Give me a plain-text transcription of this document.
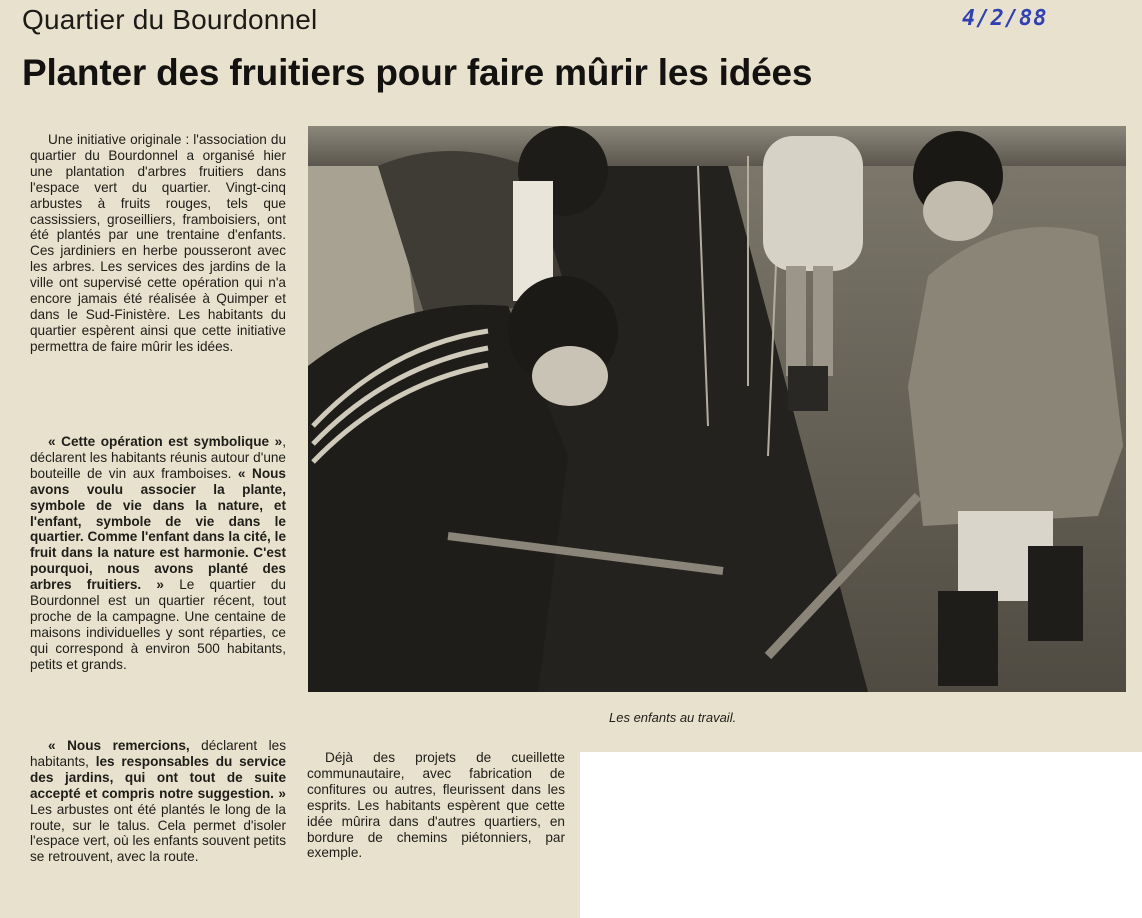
Quartier du Bourdonnel	4/2/88
Planter des fruitiers pour faire mûrir les idées

Une initiative originale : l'association du quartier du Bourdonnel a organisé hier une plantation d'arbres fruitiers dans l'espace vert du quartier. Vingt-cinq arbustes à fruits rouges, tels que cassissiers, groseilliers, framboisiers, ont été plantés par une trentaine d'enfants. Ces jardiniers en herbe pousseront avec les arbres. Les services des jardins de la ville ont supervisé cette opération qui n'a encore jamais été réalisée à Quimper et dans le Sud-Finistère. Les habitants du quartier espèrent ainsi que cette initiative permettra de faire mûrir les idées.

« Cette opération est symbolique », déclarent les habitants réunis autour d'une bouteille de vin aux framboises. « Nous avons voulu associer la plante, symbole de vie dans la nature, et l'enfant, symbole de vie dans le quartier. Comme l'enfant dans la cité, le fruit dans la nature est harmonie. C'est pourquoi, nous avons planté des arbres fruitiers. » Le quartier du Bourdonnel est un quartier récent, tout proche de la campagne. Une centaine de maisons individuelles y sont réparties, ce qui correspond à environ 500 habitants, petits et grands.

« Nous remercions, déclarent les habitants, les responsables du service des jardins, qui ont tout de suite accepté et compris notre suggestion. » Les arbustes ont été plantés le long de la route, sur le talus. Cela permet d'isoler l'espace vert, où les enfants souvent petits se retrouvent, avec la route.

Déjà des projets de cueillette communautaire, avec fabrication de confitures ou autres, fleurissent dans les esprits. Les habitants espèrent que cette idée mûrira dans d'autres quartiers, en bordure de chemins piétonniers, par exemple.

Les enfants au travail.
